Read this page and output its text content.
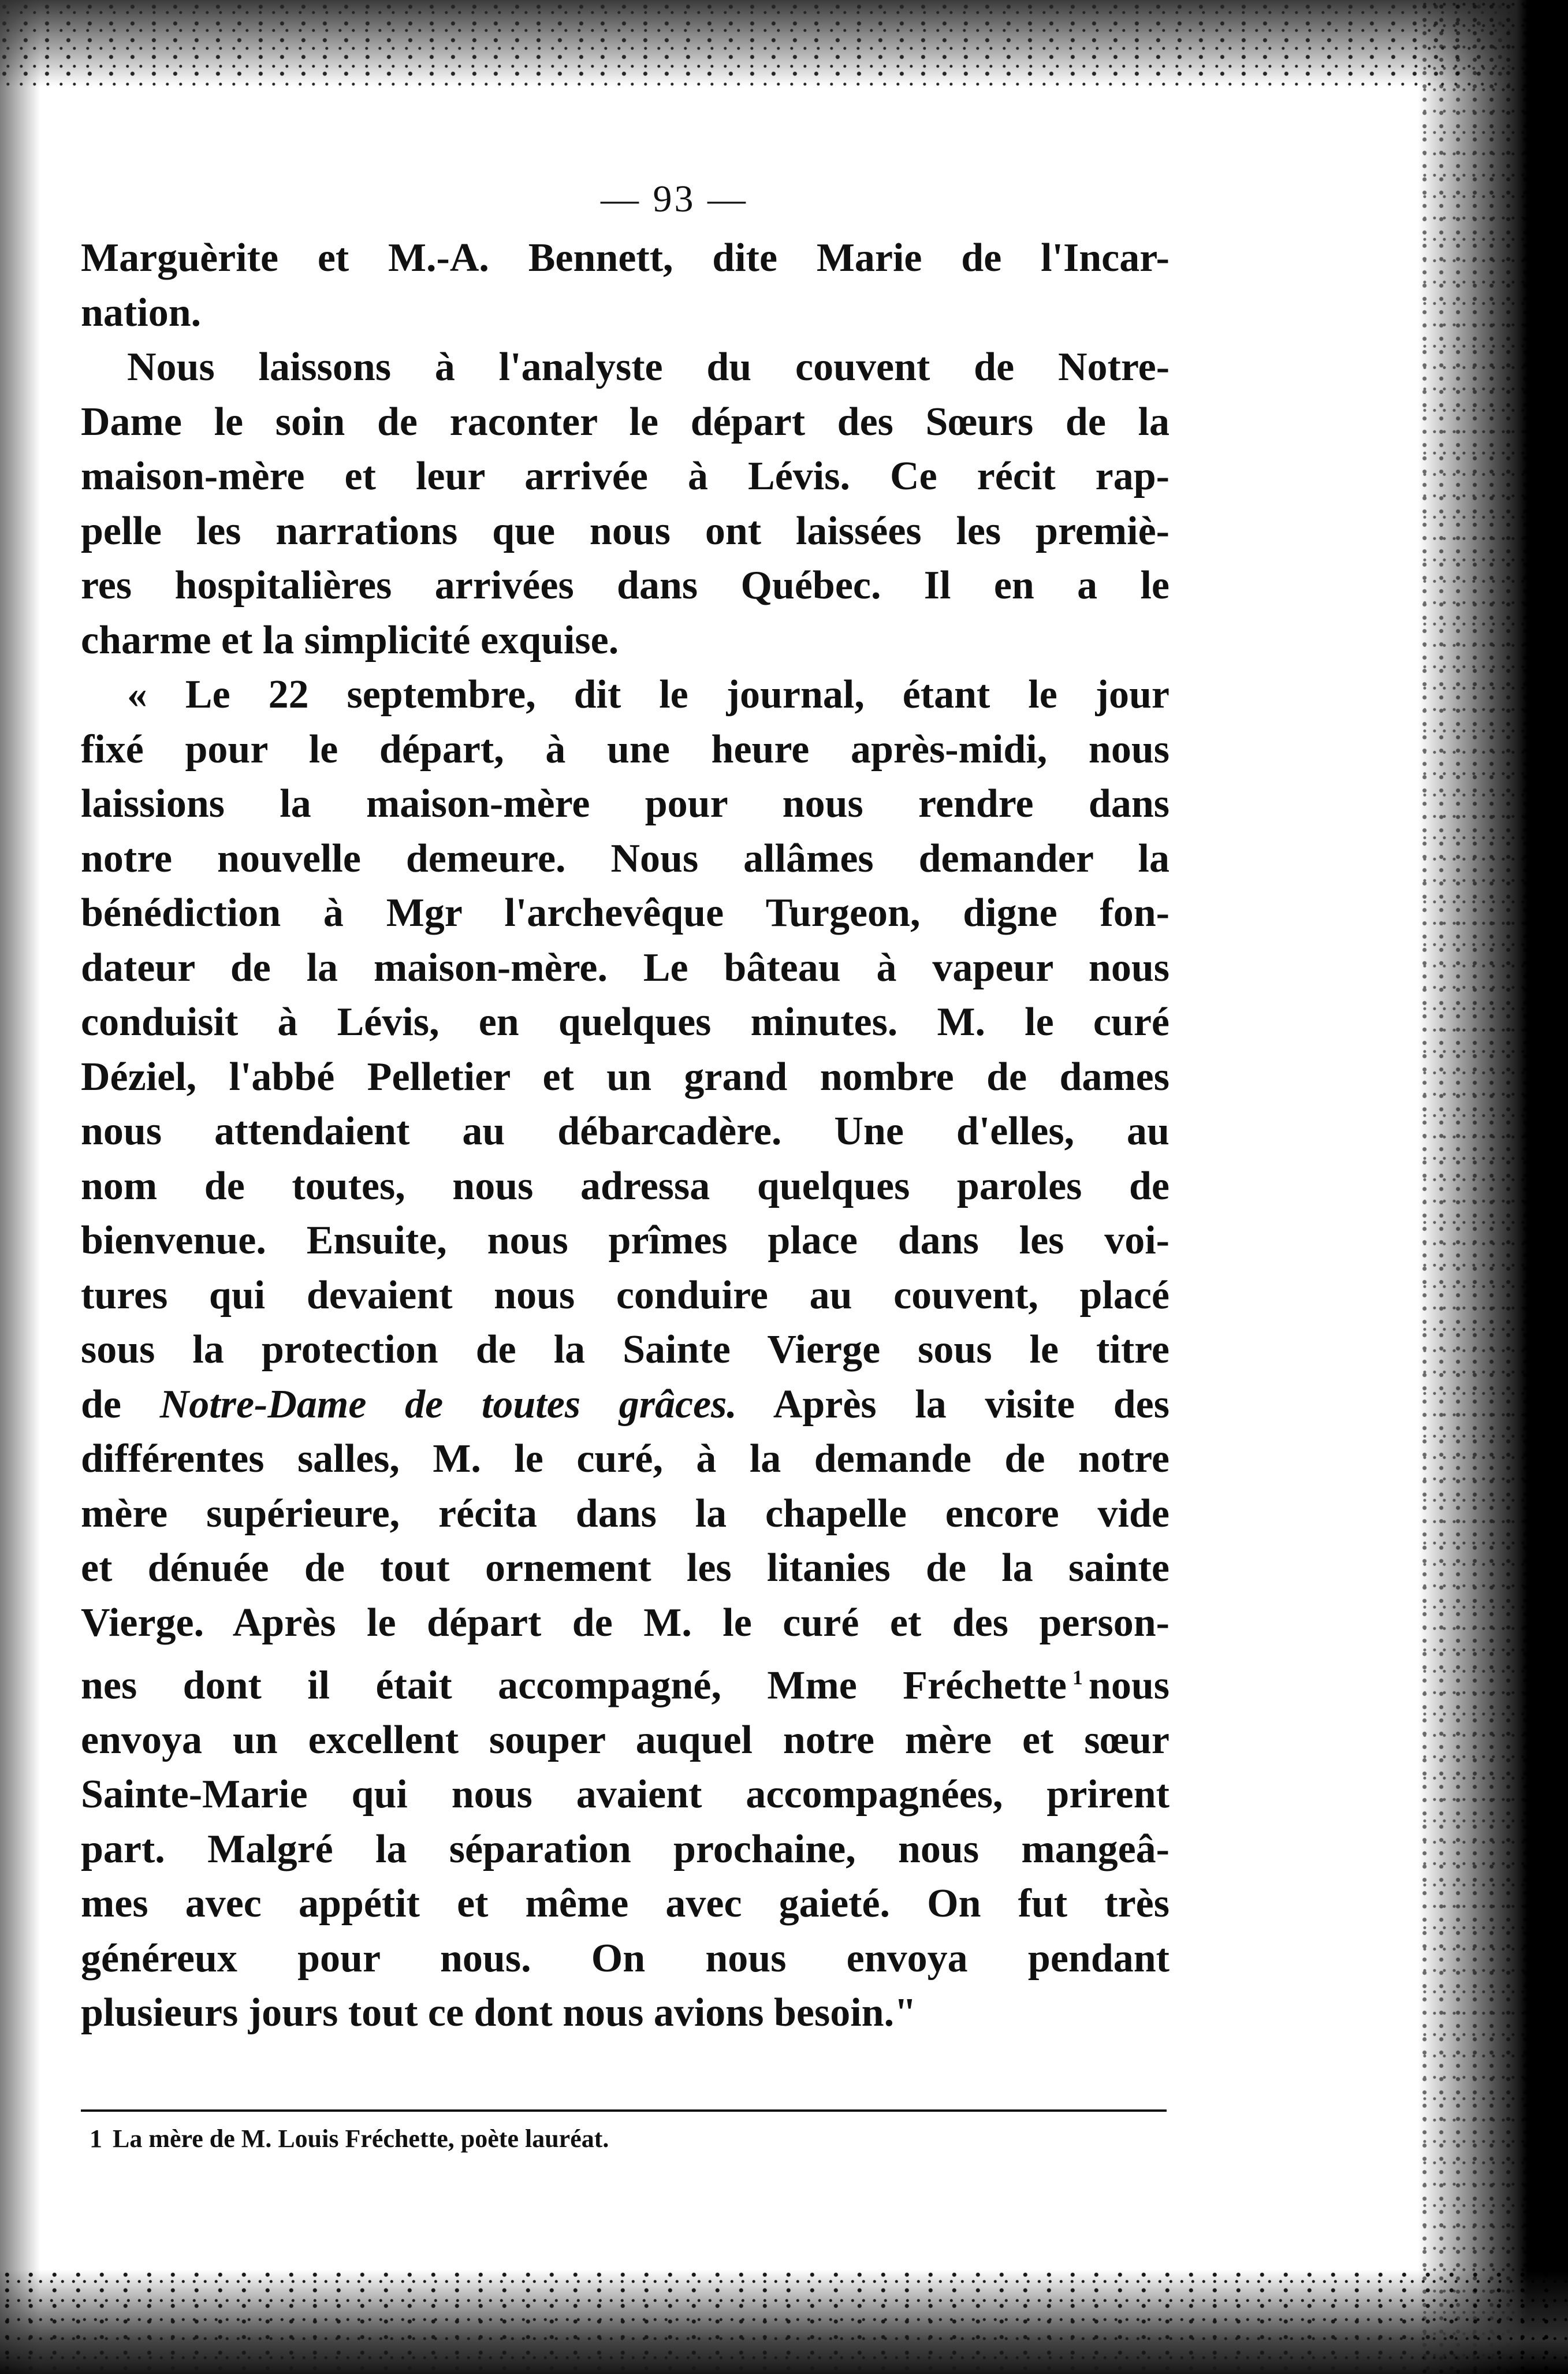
— 93 —

Marguèrite et M.-A. Bennett, dite Marie de l'Incar-
nation.

Nous laissons à l'analyste du couvent de Notre-
Dame le soin de raconter le départ des Sœurs de la
maison-mère et leur arrivée à Lévis. Ce récit rap-
pelle les narrations que nous ont laissées les premiè-
res hospitalières arrivées dans Québec. Il en a le
charme et la simplicité exquise.

« Le 22 septembre, dit le journal, étant le jour
fixé pour le départ, à une heure après-midi, nous
laissions la maison-mère pour nous rendre dans
notre nouvelle demeure. Nous allâmes demander la
bénédiction à Mgr l'archevêque Turgeon, digne fon-
dateur de la maison-mère. Le bâteau à vapeur nous
conduisit à Lévis, en quelques minutes. M. le curé
Déziel, l'abbé Pelletier et un grand nombre de dames
nous attendaient au débarcadère. Une d'elles, au
nom de toutes, nous adressa quelques paroles de
bienvenue. Ensuite, nous prîmes place dans les voi-
tures qui devaient nous conduire au couvent, placé
sous la protection de la Sainte Vierge sous le titre
de Notre-Dame de toutes grâces. Après la visite des
différentes salles, M. le curé, à la demande de notre
mère supérieure, récita dans la chapelle encore vide
et dénuée de tout ornement les litanies de la sainte
Vierge. Après le départ de M. le curé et des person-
nes dont il était accompagné, Mme Fréchette $^1$ nous
envoya un excellent souper auquel notre mère et sœur
Sainte-Marie qui nous avaient accompagnées, prirent
part. Malgré la séparation prochaine, nous mangeâ-
mes avec appétit et même avec gaieté. On fut très
généreux pour nous. On nous envoya pendant
plusieurs jours tout ce dont nous avions besoin."

1 La mère de M. Louis Fréchette, poète lauréat.
